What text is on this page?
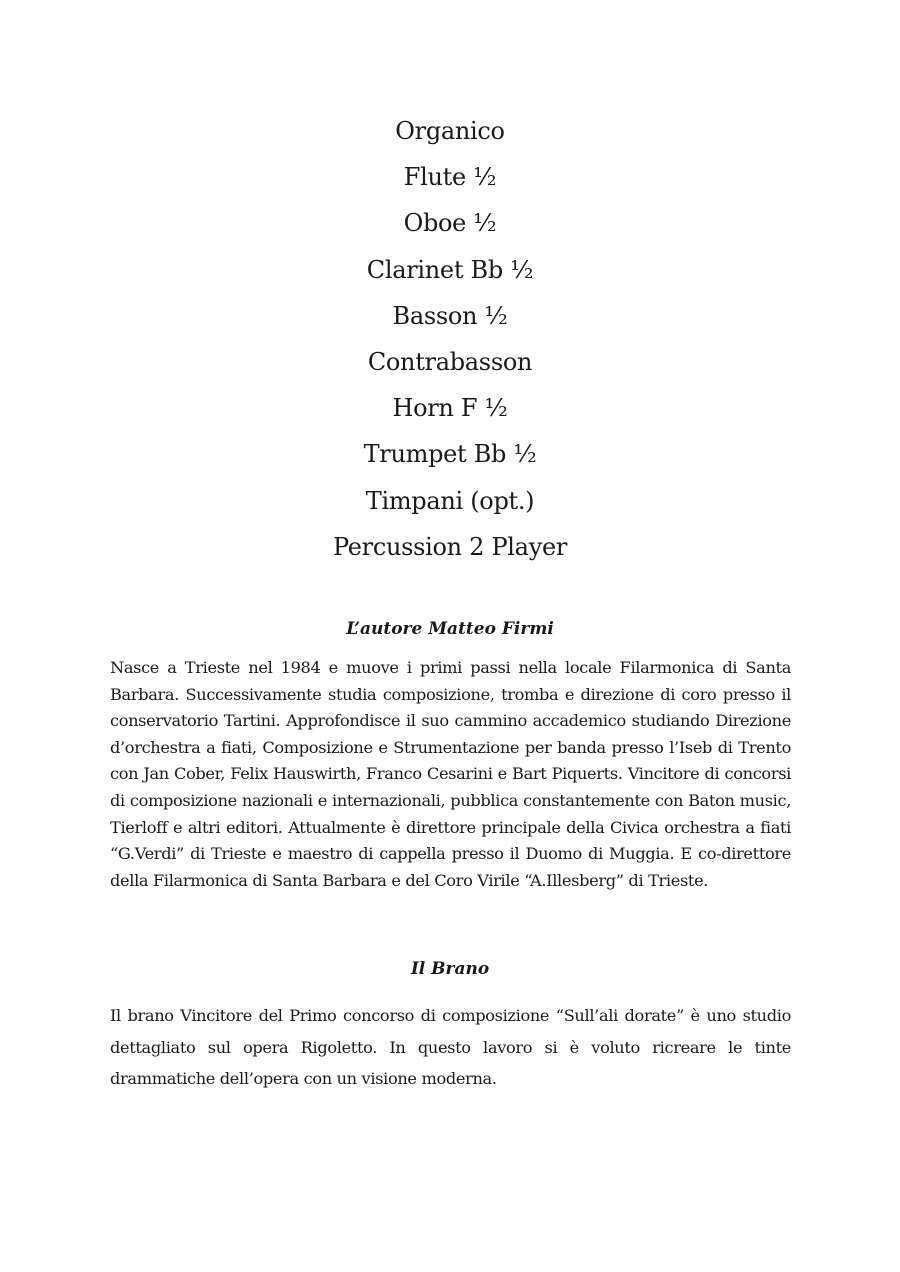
Organico
Flute ½
Oboe ½
Clarinet Bb ½
Basson ½
Contrabasson
Horn F ½
Trumpet Bb ½
Timpani (opt.)
Percussion 2 Player
L’autore Matteo Firmi

Nasce a Trieste nel 1984 e muove i primi passi nella locale Filarmonica di Santa Barbara. Successivamente studia composizione, tromba e direzione di coro presso il conservatorio Tartini. Approfondisce il suo cammino accademico studiando Direzione d’orchestra a fiati, Composizione e Strumentazione per banda presso l’Iseb di Trento con Jan Cober, Felix Hauswirth, Franco Cesarini e Bart Piquerts. Vincitore di concorsi di composizione nazionali e internazionali, pubblica constantemente con Baton music, Tierloff e altri editori. Attualmente è direttore principale della Civica orchestra a fiati “G.Verdi” di Trieste e maestro di cappella presso il Duomo di Muggia. E co-direttore della Filarmonica di Santa Barbara e del Coro Virile “A.Illesberg” di Trieste.

Il Brano

Il brano Vincitore del Primo concorso di composizione “Sull’ali dorate” è uno studio dettagliato sul opera Rigoletto. In questo lavoro si è voluto ricreare le tinte drammatiche dell’opera con un visione moderna.
